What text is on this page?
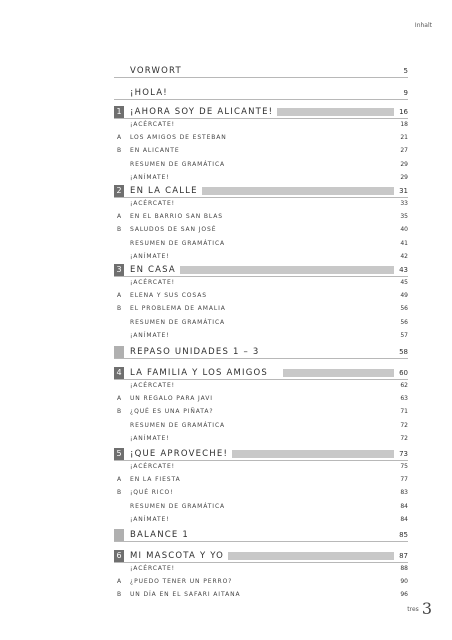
Inhalt
VORWORT	5
¡HOLA!	9
1 ¡AHORA SOY DE ALICANTE!	16
¡ACÉRCATE!	18
A LOS AMIGOS DE ESTEBAN	21
B EN ALICANTE	27
RESUMEN DE GRAMÁTICA	29
¡ANÍMATE!	29
2 EN LA CALLE	31
¡ACÉRCATE!	33
A EN EL BARRIO SAN BLAS	35
B SALUDOS DE SAN JOSÉ	40
RESUMEN DE GRAMÁTICA	41
¡ANÍMATE!	42
3 EN CASA	43
¡ACÉRCATE!	45
A ELENA Y SUS COSAS	49
B EL PROBLEMA DE AMALIA	56
RESUMEN DE GRAMÁTICA	56
¡ANÍMATE!	57
REPASO UNIDADES 1 – 3	58
4 LA FAMILIA Y LOS AMIGOS	60
¡ACÉRCATE!	62
A UN REGALO PARA JAVI	63
B ¿QUÉ ES UNA PIÑATA?	71
RESUMEN DE GRAMÁTICA	72
¡ANÍMATE!	72
5 ¡QUE APROVECHE!	73
¡ACÉRCATE!	75
A EN LA FIESTA	77
B ¡QUÉ RICO!	83
RESUMEN DE GRAMÁTICA	84
¡ANÍMATE!	84
BALANCE 1	85
6 MI MASCOTA Y YO	87
¡ACÉRCATE!	88
A ¿PUEDO TENER UN PERRO?	90
B UN DÍA EN EL SAFARI AITANA	96
tres 3
